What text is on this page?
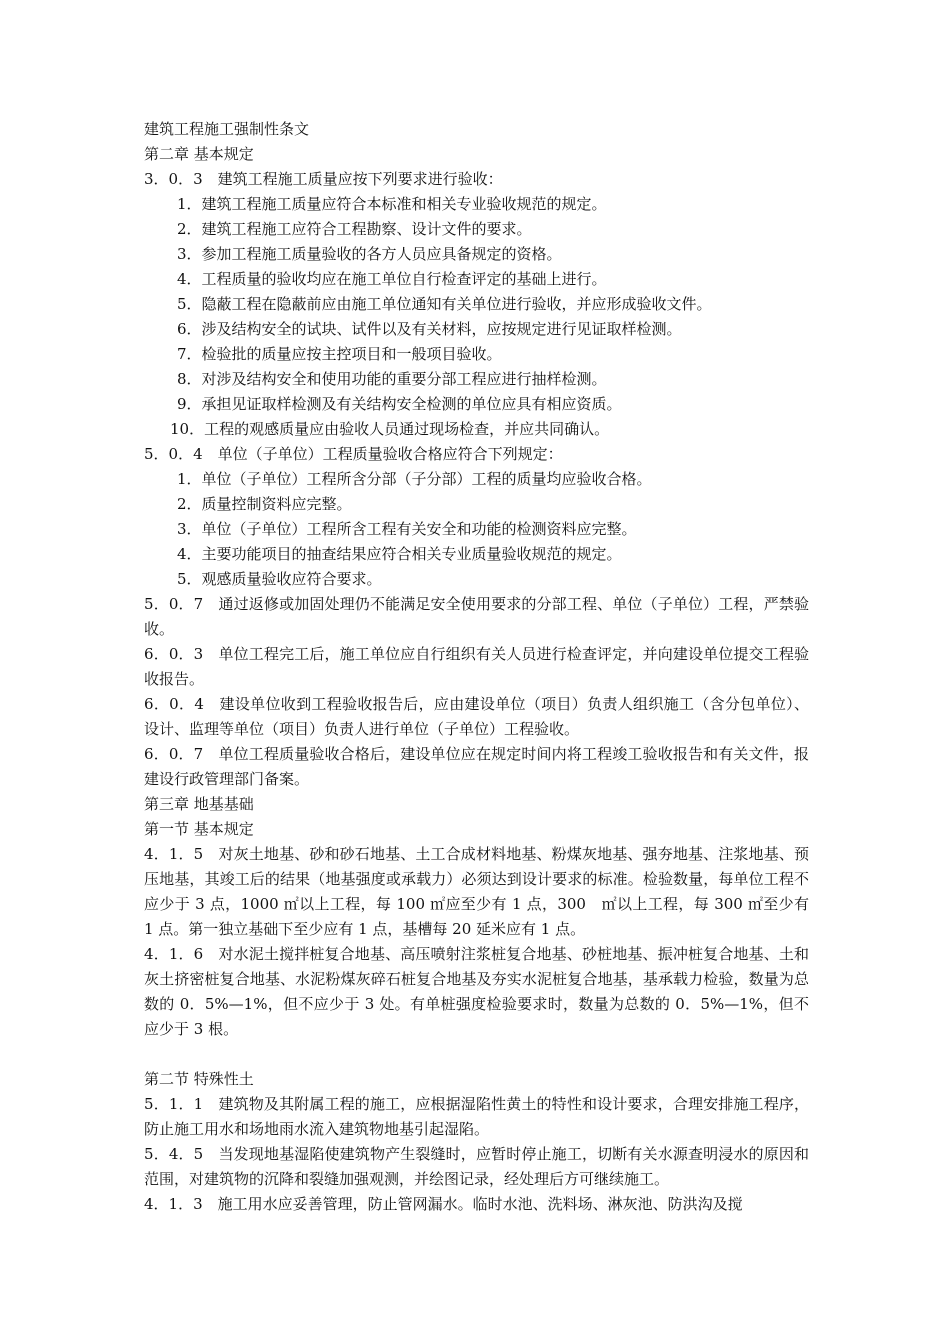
建筑工程施工强制性条文
第二章 基本规定
3．0．3　建筑工程施工质量应按下列要求进行验收：
1．建筑工程施工质量应符合本标准和相关专业验收规范的规定。
2．建筑工程施工应符合工程勘察、设计文件的要求。
3．参加工程施工质量验收的各方人员应具备规定的资格。
4．工程质量的验收均应在施工单位自行检查评定的基础上进行。
5．隐蔽工程在隐蔽前应由施工单位通知有关单位进行验收，并应形成验收文件。
6．涉及结构安全的试块、试件以及有关材料，应按规定进行见证取样检测。
7．检验批的质量应按主控项目和一般项目验收。
8．对涉及结构安全和使用功能的重要分部工程应进行抽样检测。
9．承担见证取样检测及有关结构安全检测的单位应具有相应资质。
10．工程的观感质量应由验收人员通过现场检查，并应共同确认。
5．0．4　单位（子单位）工程质量验收合格应符合下列规定：
1．单位（子单位）工程所含分部（子分部）工程的质量均应验收合格。
2．质量控制资料应完整。
3．单位（子单位）工程所含工程有关安全和功能的检测资料应完整。
4．主要功能项目的抽查结果应符合相关专业质量验收规范的规定。
5．观感质量验收应符合要求。
5．0．7　通过返修或加固处理仍不能满足安全使用要求的分部工程、单位（子单位）工程，严禁验收。
6．0．3　单位工程完工后，施工单位应自行组织有关人员进行检查评定，并向建设单位提交工程验收报告。
6．0．4　建设单位收到工程验收报告后，应由建设单位（项目）负责人组织施工（含分包单位）、设计、监理等单位（项目）负责人进行单位（子单位）工程验收。
6．0．7　单位工程质量验收合格后，建设单位应在规定时间内将工程竣工验收报告和有关文件，报建设行政管理部门备案。
第三章 地基基础
第一节 基本规定
4．1．5　对灰土地基、砂和砂石地基、土工合成材料地基、粉煤灰地基、强夯地基、注浆地基、预压地基，其竣工后的结果（地基强度或承载力）必须达到设计要求的标准。检验数量，每单位工程不应少于 3 点，1000 ㎡以上工程，每 100 ㎡应至少有 1 点，300　㎡以上工程，每 300 ㎡至少有 1 点。第一独立基础下至少应有 1 点，基槽每 20 延米应有 1 点。
4．1．6　对水泥土搅拌桩复合地基、高压喷射注浆桩复合地基、砂桩地基、振冲桩复合地基、土和灰土挤密桩复合地基、水泥粉煤灰碎石桩复合地基及夯实水泥桩复合地基，基承载力检验，数量为总数的 0．5%—1%，但不应少于 3 处。有单桩强度检验要求时，数量为总数的 0．5%—1%，但不应少于 3 根。
第二节 特殊性土
5．1．1　建筑物及其附属工程的施工，应根据湿陷性黄土的特性和设计要求，合理安排施工程序，防止施工用水和场地雨水流入建筑物地基引起湿陷。
5．4．5　当发现地基湿陷使建筑物产生裂缝时，应暂时停止施工，切断有关水源查明浸水的原因和范围，对建筑物的沉降和裂缝加强观测，并绘图记录，经处理后方可继续施工。
4．1．3　施工用水应妥善管理，防止管网漏水。临时水池、洗料场、淋灰池、防洪沟及搅
